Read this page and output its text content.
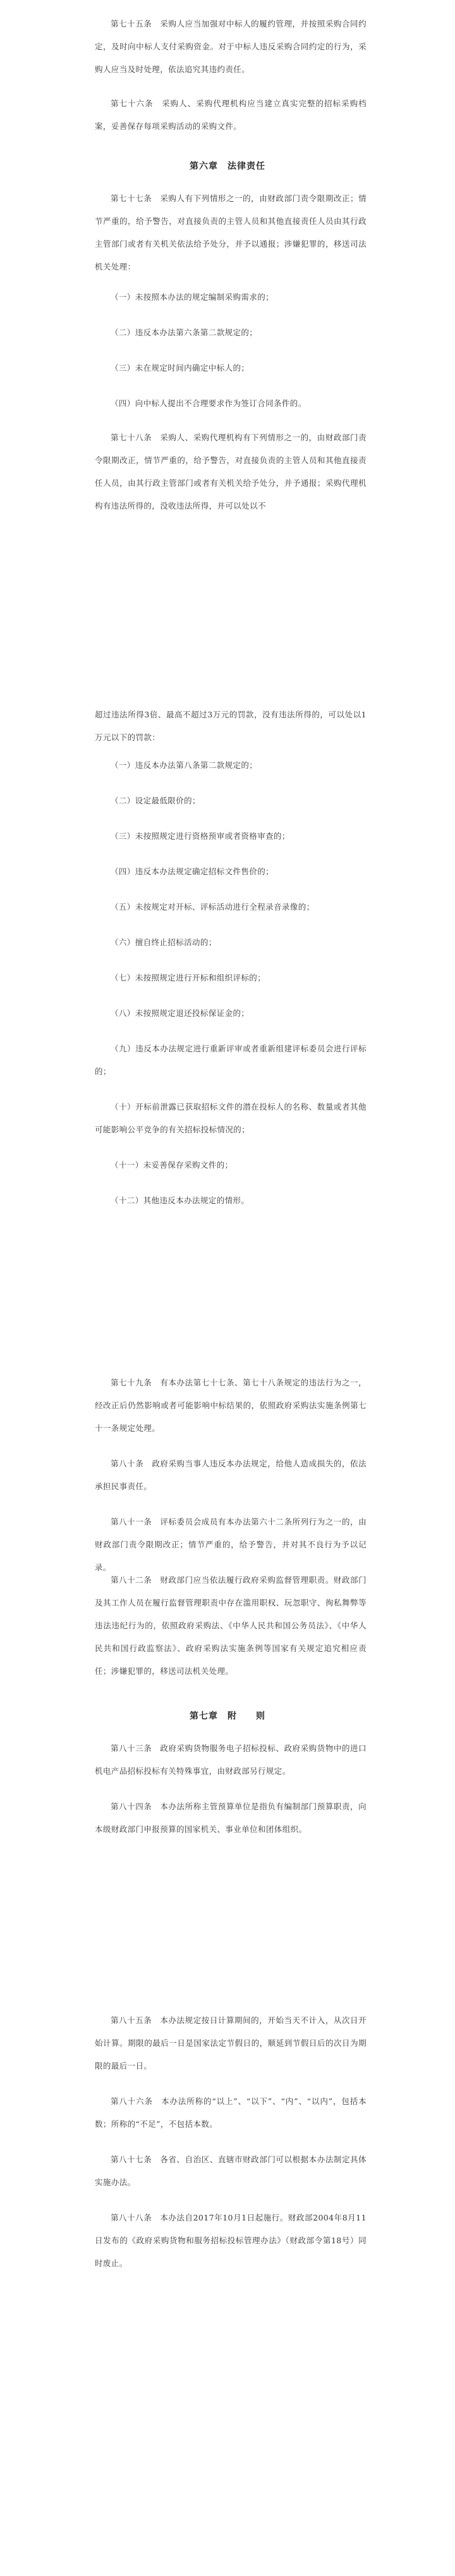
第七十五条　采购人应当加强对中标人的履约管理，并按照采购合同约定，及时向中标人支付采购资金。对于中标人违反采购合同约定的行为，采购人应当及时处理，依法追究其违约责任。

第七十六条　采购人、采购代理机构应当建立真实完整的招标采购档案，妥善保存每项采购活动的采购文件。

第六章　法律责任

第七十七条　采购人有下列情形之一的，由财政部门责令限期改正；情节严重的，给予警告，对直接负责的主管人员和其他直接责任人员由其行政主管部门或者有关机关依法给予处分，并予以通报；涉嫌犯罪的，移送司法机关处理：

（一）未按照本办法的规定编制采购需求的；

（二）违反本办法第六条第二款规定的；

（三）未在规定时间内确定中标人的；

（四）向中标人提出不合理要求作为签订合同条件的。

第七十八条　采购人、采购代理机构有下列情形之一的，由财政部门责令限期改正，情节严重的，给予警告，对直接负责的主管人员和其他直接责任人员，由其行政主管部门或者有关机关给予处分，并予通报；采购代理机构有违法所得的，没收违法所得，并可以处以不

超过违法所得3倍、最高不超过3万元的罚款，没有违法所得的，可以处以1万元以下的罚款：

（一）违反本办法第八条第二款规定的；

（二）设定最低限价的；

（三）未按照规定进行资格预审或者资格审查的；

（四）违反本办法规定确定招标文件售价的；

（五）未按规定对开标、评标活动进行全程录音录像的；

（六）擅自终止招标活动的；

（七）未按照规定进行开标和组织评标的；

（八）未按照规定退还投标保证金的；

（九）违反本办法规定进行重新评审或者重新组建评标委员会进行评标的；

（十）开标前泄露已获取招标文件的潜在投标人的名称、数量或者其他可能影响公平竞争的有关招标投标情况的；

（十一）未妥善保存采购文件的；

（十二）其他违反本办法规定的情形。

第七十九条　有本办法第七十七条、第七十八条规定的违法行为之一，经改正后仍然影响或者可能影响中标结果的，依照政府采购法实施条例第七十一条规定处理。

第八十条　政府采购当事人违反本办法规定，给他人造成损失的，依法承担民事责任。

第八十一条　评标委员会成员有本办法第六十二条所列行为之一的，由财政部门责令限期改正；情节严重的，给予警告，并对其不良行为予以记录。

第八十二条　财政部门应当依法履行政府采购监督管理职责。财政部门及其工作人员在履行监督管理职责中存在滥用职权、玩忽职守、徇私舞弊等违法违纪行为的，依照政府采购法、《中华人民共和国公务员法》、《中华人民共和国行政监察法》、政府采购法实施条例等国家有关规定追究相应责任；涉嫌犯罪的，移送司法机关处理。

第七章　附　　则

第八十三条　政府采购货物服务电子招标投标、政府采购货物中的进口机电产品招标投标有关特殊事宜，由财政部另行规定。

第八十四条　本办法所称主管预算单位是指负有编制部门预算职责，向本级财政部门申报预算的国家机关、事业单位和团体组织。

第八十五条　本办法规定按日计算期间的，开始当天不计入，从次日开始计算。期限的最后一日是国家法定节假日的，顺延到节假日后的次日为期限的最后一日。

第八十六条　本办法所称的“以上”、“以下”、“内”、“以内”，包括本数；所称的“不足”，不包括本数。

第八十七条　各省、自治区、直辖市财政部门可以根据本办法制定具体实施办法。

第八十八条　本办法自2017年10月1日起施行。财政部2004年8月11日发布的《政府采购货物和服务招标投标管理办法》（财政部令第18号）同时废止。
